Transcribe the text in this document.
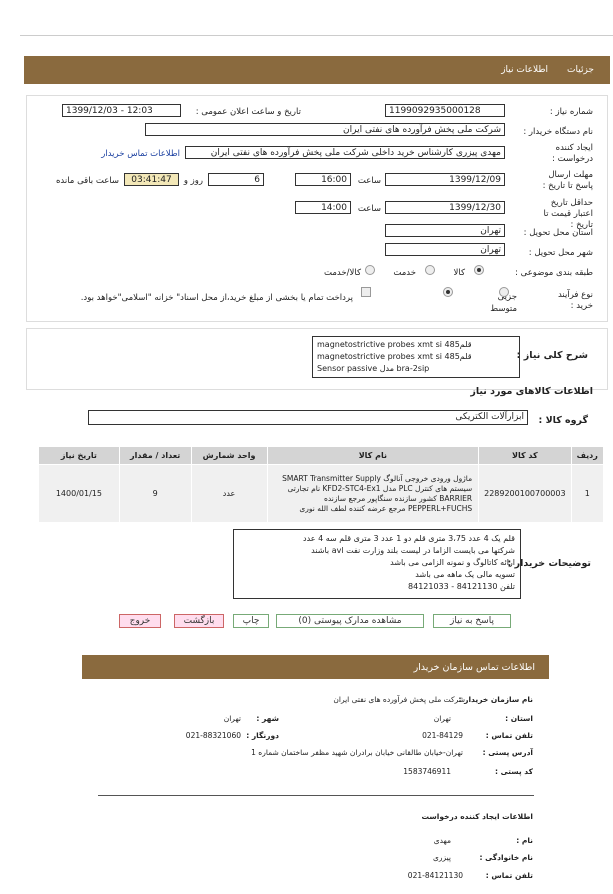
جزئیات
اطلاعات نیاز
شماره نیاز :
1199092935000128
تاریخ و ساعت اعلان عمومی :
1399/12/03 - 12:03
نام دستگاه خریدار :
شرکت ملی پخش فرآورده های نفتی ایران
ایجاد کننده درخواست :
مهدی پیزری کارشناس خرید داخلی شرکت ملی پخش فرآورده های نفتی ایران
اطلاعات تماس خریدار
مهلت ارسال پاسخ تا تاریخ :
1399/12/09
ساعت
16:00
6
روز و
03:41:47
ساعت باقی مانده
حداقل تاریخ اعتبار قیمت تا تاریخ :
1399/12/30
ساعت
14:00
استان محل تحویل :
تهران
شهر محل تحویل :
تهران
طبقه بندی موضوعی :
کالا
خدمت
کالا/خدمت
نوع فرآیند خرید :
جزیی
متوسط
پرداخت تمام یا بخشی از مبلغ خرید،از محل اسناد" خزانه "اسلامی"خواهد بود.
شرح کلی نیاز :
magnetostrictive probes xmt si 485قلم
magnetostrictive probes xmt si 485قلم
Sensor passive مدل bra-2sip
اطلاعات کالاهای مورد نیاز
گروه کالا :
ابزارآلات الکتریکی
تاریخ نیاز	تعداد / مقدار	واحد شمارش	نام کالا	کد کالا	ردیف
1400/01/15	9	عدد	ماژول ورودی خروجی آنالوگ SMART Transmitter Supply سیستم های کنترل PLC مدل KFD2-STC4-Ex1 نام تجارتی BARRIER کشور سازنده سنگاپور مرجع سازنده PEPPERL+FUCHS مرجع عرضه کننده لطف الله نوری	2289200100700003	1
توضیحات خریدار :
قلم یک 4 عدد 3،75 متری قلم دو 1 عدد 3 متری قلم سه 4 عدد
شرکتها می بایست الزاما در لیست بلند وزارت نفت avl باشند
ارائه کاتالوگ و نمونه الزامی می باشد
تسویه مالی یک ماهه می باشد
تلفن 84121130 - 84121033
پاسخ به نیاز
مشاهده مدارک پیوستی (0)
چاپ
بازگشت
خروج
اطلاعات تماس سازمان خریدار
نام سازمان خریدار :
شرکت ملی پخش فرآورده های نفتی ایران
استان :
تهران
شهر :
تهران
تلفن تماس :
021-84129
دورنگار :
021-88321060
آدرس پستی :
تهران-خیابان طالقانی خیابان برادران شهید مظفر ساختمان شماره 1
کد پستی :
1583746911
اطلاعات ایجاد کننده درخواست
نام :
مهدی
نام خانوادگی :
پیزری
تلفن تماس :
021-84121130
